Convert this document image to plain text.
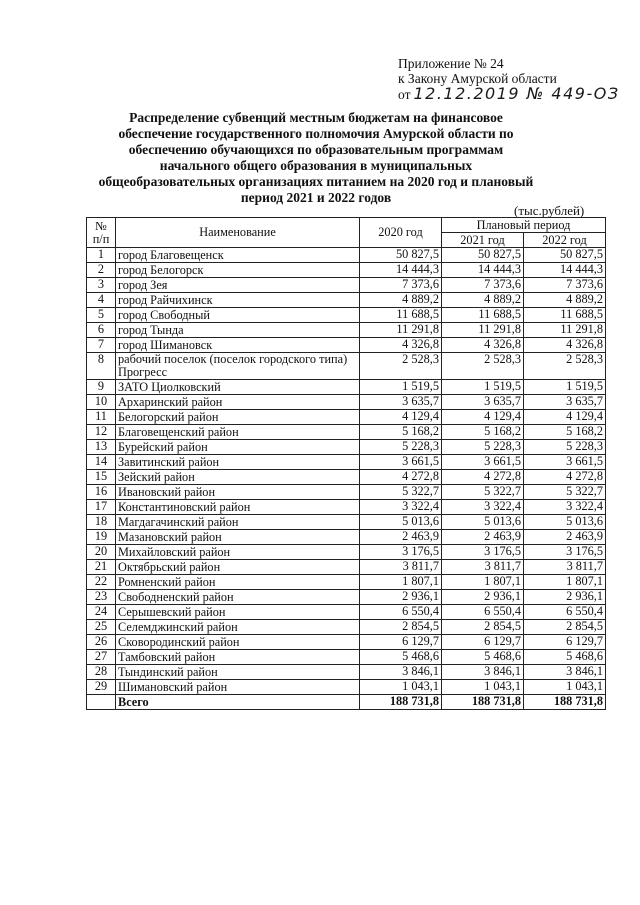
Приложение № 24
к Закону Амурской области
от 12.12.2019 № 449-ОЗ
Распределение субвенций местным бюджетам на финансовое обеспечение государственного полномочия Амурской области по обеспечению обучающихся по образовательным программам начального общего образования в муниципальных общеобразовательных организациях питанием на 2020 год и плановый период 2021 и 2022 годов
(тыс.рублей)
№ п/п	Наименование	2020 год	Плановый период	
			2021 год	2022 год
1	город Благовещенск	50 827,5	50 827,5	50 827,5
2	город Белогорск	14 444,3	14 444,3	14 444,3
3	город Зея	7 373,6	7 373,6	7 373,6
4	город Райчихинск	4 889,2	4 889,2	4 889,2
5	город Свободный	11 688,5	11 688,5	11 688,5
6	город Тында	11 291,8	11 291,8	11 291,8
7	город Шимановск	4 326,8	4 326,8	4 326,8
8	рабочий поселок (поселок городского типа) Прогресс	2 528,3	2 528,3	2 528,3
9	ЗАТО Циолковский	1 519,5	1 519,5	1 519,5
10	Архаринский район	3 635,7	3 635,7	3 635,7
11	Белогорский район	4 129,4	4 129,4	4 129,4
12	Благовещенский район	5 168,2	5 168,2	5 168,2
13	Бурейский район	5 228,3	5 228,3	5 228,3
14	Завитинский район	3 661,5	3 661,5	3 661,5
15	Зейский район	4 272,8	4 272,8	4 272,8
16	Ивановский район	5 322,7	5 322,7	5 322,7
17	Константиновский район	3 322,4	3 322,4	3 322,4
18	Магдагачинский район	5 013,6	5 013,6	5 013,6
19	Мазановский район	2 463,9	2 463,9	2 463,9
20	Михайловский район	3 176,5	3 176,5	3 176,5
21	Октябрьский район	3 811,7	3 811,7	3 811,7
22	Ромненский район	1 807,1	1 807,1	1 807,1
23	Свободненский район	2 936,1	2 936,1	2 936,1
24	Серышевский район	6 550,4	6 550,4	6 550,4
25	Селемджинский район	2 854,5	2 854,5	2 854,5
26	Сковородинский район	6 129,7	6 129,7	6 129,7
27	Тамбовский район	5 468,6	5 468,6	5 468,6
28	Тындинский район	3 846,1	3 846,1	3 846,1
29	Шимановский район	1 043,1	1 043,1	1 043,1
	Всего	188 731,8	188 731,8	188 731,8
